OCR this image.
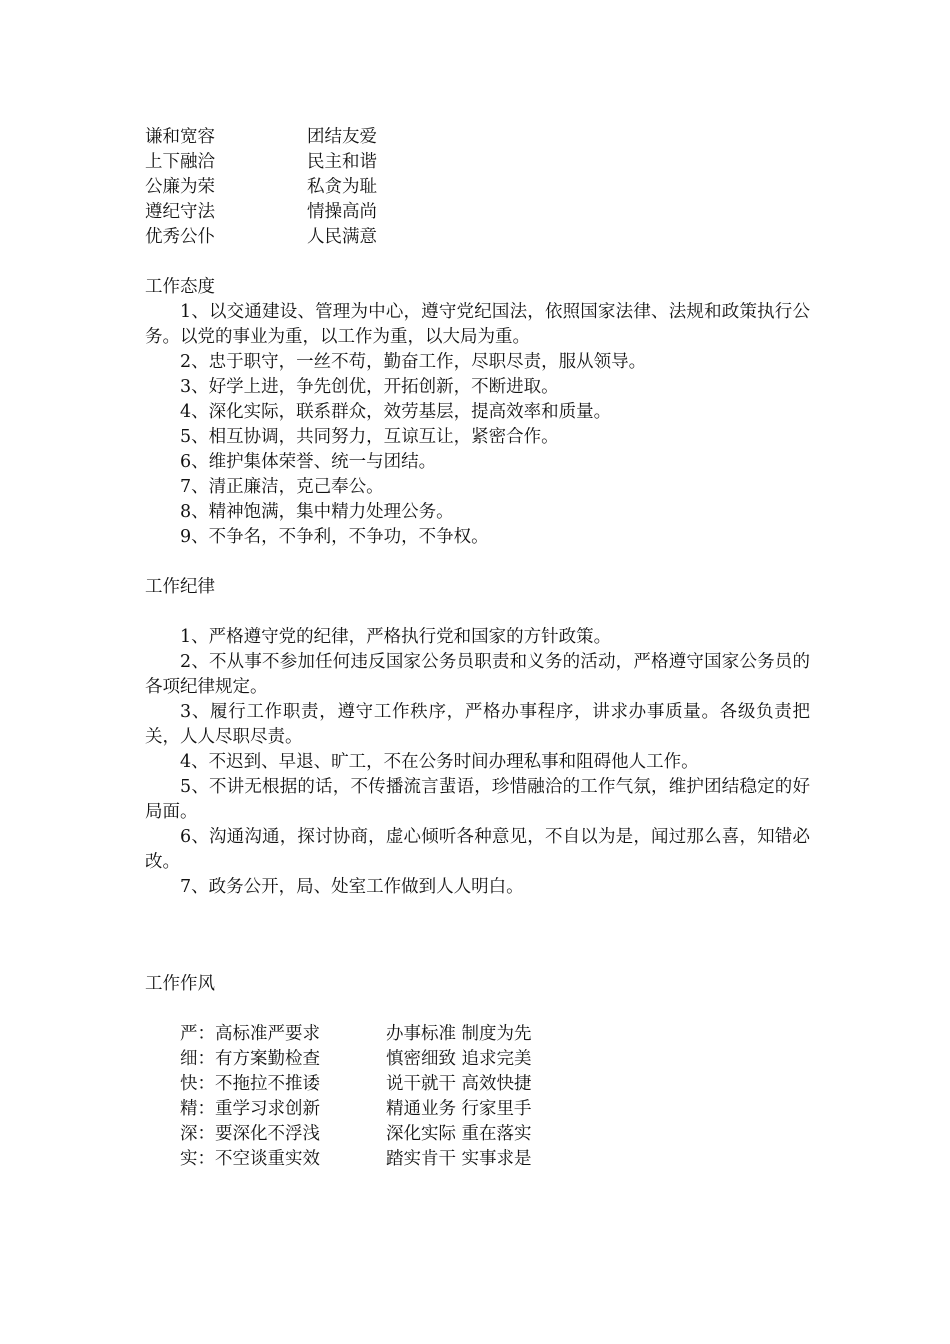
谦和宽容	团结友爱
上下融洽	民主和谐
公廉为荣	私贪为耻
遵纪守法	情操高尚
优秀公仆	人民满意
工作态度

1、以交通建设、管理为中心，遵守党纪国法，依照国家法律、法规和政策执行公务。以党的事业为重，以工作为重，以大局为重。

2、忠于职守，一丝不苟，勤奋工作，尽职尽责，服从领导。

3、好学上进，争先创优，开拓创新，不断进取。

4、深化实际，联系群众，效劳基层，提高效率和质量。

5、相互协调，共同努力，互谅互让，紧密合作。

6、维护集体荣誉、统一与团结。

7、清正廉洁，克己奉公。

8、精神饱满，集中精力处理公务。

9、不争名，不争利，不争功，不争权。

工作纪律

1、严格遵守党的纪律，严格执行党和国家的方针政策。

2、不从事不参加任何违反国家公务员职责和义务的活动，严格遵守国家公务员的各项纪律规定。

3、履行工作职责，遵守工作秩序，严格办事程序，讲求办事质量。各级负责把关，人人尽职尽责。

4、不迟到、早退、旷工，不在公务时间办理私事和阻碍他人工作。

5、不讲无根据的话，不传播流言蜚语，珍惜融洽的工作气氛，维护团结稳定的好局面。

6、沟通沟通，探讨协商，虚心倾听各种意见，不自以为是，闻过那么喜，知错必改。

7、政务公开，局、处室工作做到人人明白。

工作作风
严：高标准严要求	办事标准 制度为先
细：有方案勤检查	慎密细致 追求完美
快：不拖拉不推诿	说干就干 高效快捷
精：重学习求创新	精通业务 行家里手
深：要深化不浮浅	深化实际 重在落实
实：不空谈重实效	踏实肯干 实事求是
